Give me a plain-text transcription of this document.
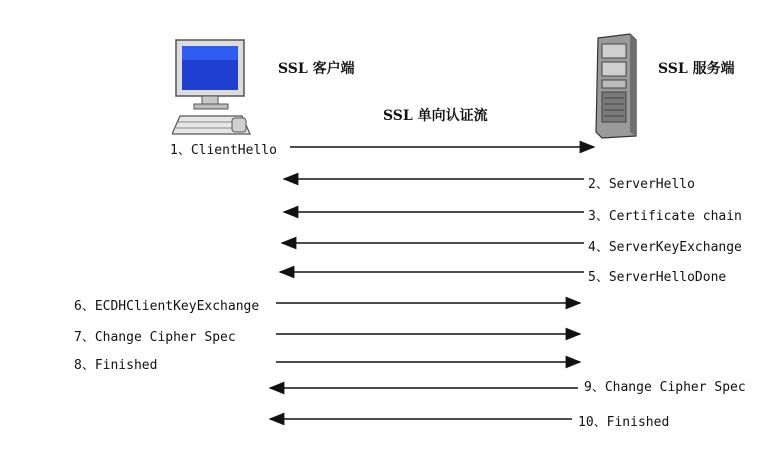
SSL 客户端	SSL 服务端
SSL 单向认证流
1、ClientHello
2、ServerHello
3、Certificate chain
4、ServerKeyExchange
5、ServerHelloDone
6、ECDHClientKeyExchange
7、Change Cipher Spec
8、Finished
9、Change Cipher Spec
10、Finished
